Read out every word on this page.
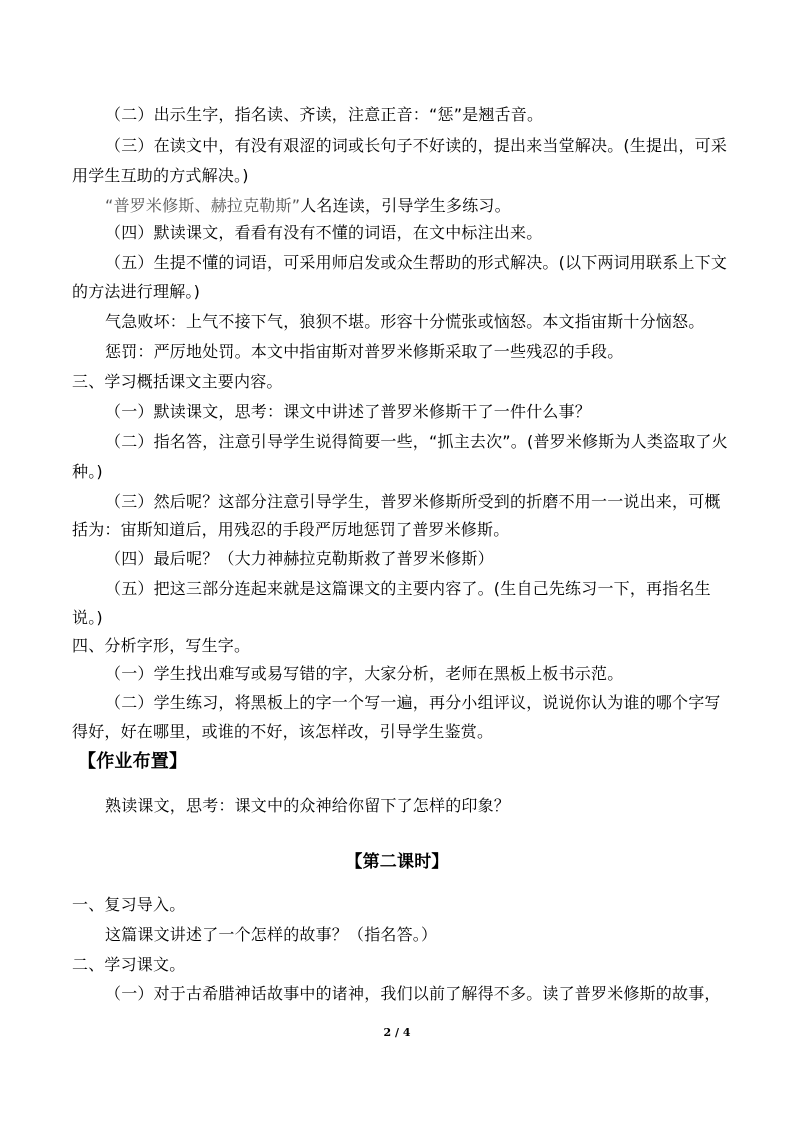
（二）出示生字，指名读、齐读，注意正音：“惩”是翘舌音。
（三）在读文中，有没有艰涩的词或长句子不好读的，提出来当堂解决。(生提出，可采
用学生互助的方式解决。)
“普罗米修斯、赫拉克勒斯”人名连读，引导学生多练习。
（四）默读课文，看看有没有不懂的词语，在文中标注出来。
（五）生提不懂的词语，可采用师启发或众生帮助的形式解决。(以下两词用联系上下文
的方法进行理解。)
气急败坏：上气不接下气，狼狈不堪。形容十分慌张或恼怒。本文指宙斯十分恼怒。
惩罚：严厉地处罚。本文中指宙斯对普罗米修斯采取了一些残忍的手段。
三、学习概括课文主要内容。
（一）默读课文，思考：课文中讲述了普罗米修斯干了一件什么事？
（二）指名答，注意引导学生说得简要一些，“抓主去次”。(普罗米修斯为人类盗取了火
种。)
（三）然后呢？这部分注意引导学生，普罗米修斯所受到的折磨不用一一说出来，可概
括为：宙斯知道后，用残忍的手段严厉地惩罚了普罗米修斯。
（四）最后呢？（大力神赫拉克勒斯救了普罗米修斯）
（五）把这三部分连起来就是这篇课文的主要内容了。(生自己先练习一下，再指名生
说。)
四、分析字形，写生字。
（一）学生找出难写或易写错的字，大家分析，老师在黑板上板书示范。
（二）学生练习，将黑板上的字一个写一遍，再分小组评议，说说你认为谁的哪个字写
得好，好在哪里，或谁的不好，该怎样改，引导学生鉴赏。
【作业布置】
熟读课文，思考：课文中的众神给你留下了怎样的印象？
【第二课时】
一、复习导入。
这篇课文讲述了一个怎样的故事？（指名答。）
二、学习课文。
（一）对于古希腊神话故事中的诸神，我们以前了解得不多。读了普罗米修斯的故事，
2 / 4
